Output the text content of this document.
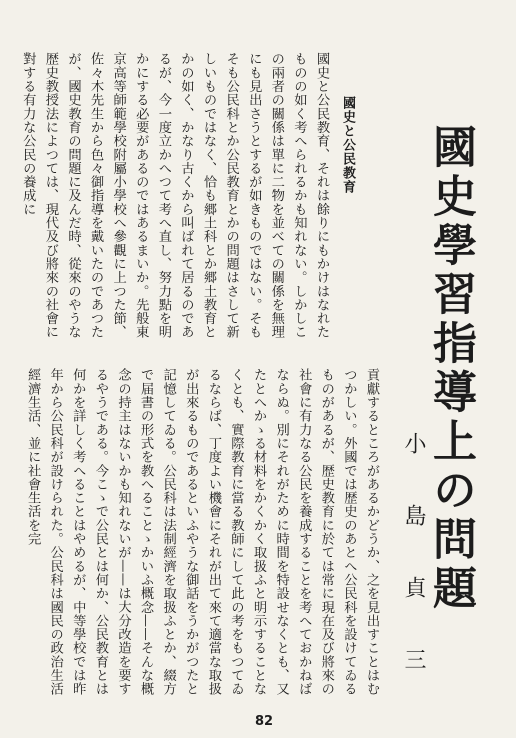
國史學習指導上の問題
小島貞三
國史と公民教育
國史と公民教育、それは餘りにもかけはなれたものの如く考へられるかも知れない。しかしこの兩者の關係は單に二物を並べての關係を無理にも見出さうとするが如きものではない。そもそも公民科とか公民教育とかの問題はさして新しいものではなく、恰も郷土科とか郷土教育とかの如く、かなり古くから叫ばれて居るのであるが、今一度立かへつて考へ直し、努力點を明かにする必要があるのではあるまいか。先般東京高等師範學校附屬小學校へ參觀に上つた節、佐々木先生から色々御指導を戴いたのであつたが、國史教育の問題に及んだ時、從來のやうな歴史教授法によつては、現代及び將來の社會に對する有力な公民の養成に
貢獻するところがあるかどうか、之を見出すことはむつかしい。外國では歴史のあとへ公民科を設けてゐるものがあるが、歴史教育に於ては常に現在及び將來の社會に有力なる公民を養成することを考へておかねばならぬ。別にそれがために時間を特設せなくとも、又たとへかゝる材料をかくかく取扱ふと明示することなくとも、實際教育に當る教師にして此の考をもつてゐるならば、丁度よい機會にそれが出て來て適當な取扱が出來るものであるといふやうな御話をうかがつたと記憶してゐる。公民科は法制經濟を取扱ふとか、綴方で届書の形式を教へることゝかいふ概念——そんな概念の持主はないかも知れないが——は大分改造を要するやうである。今こゝで公民とは何か、公民教育とは何かを詳しく考へることはやめるが、中等學校では昨年から公民科が設けられた。公民科は國民の政治生活經濟生活、並に社會生活を完
82
